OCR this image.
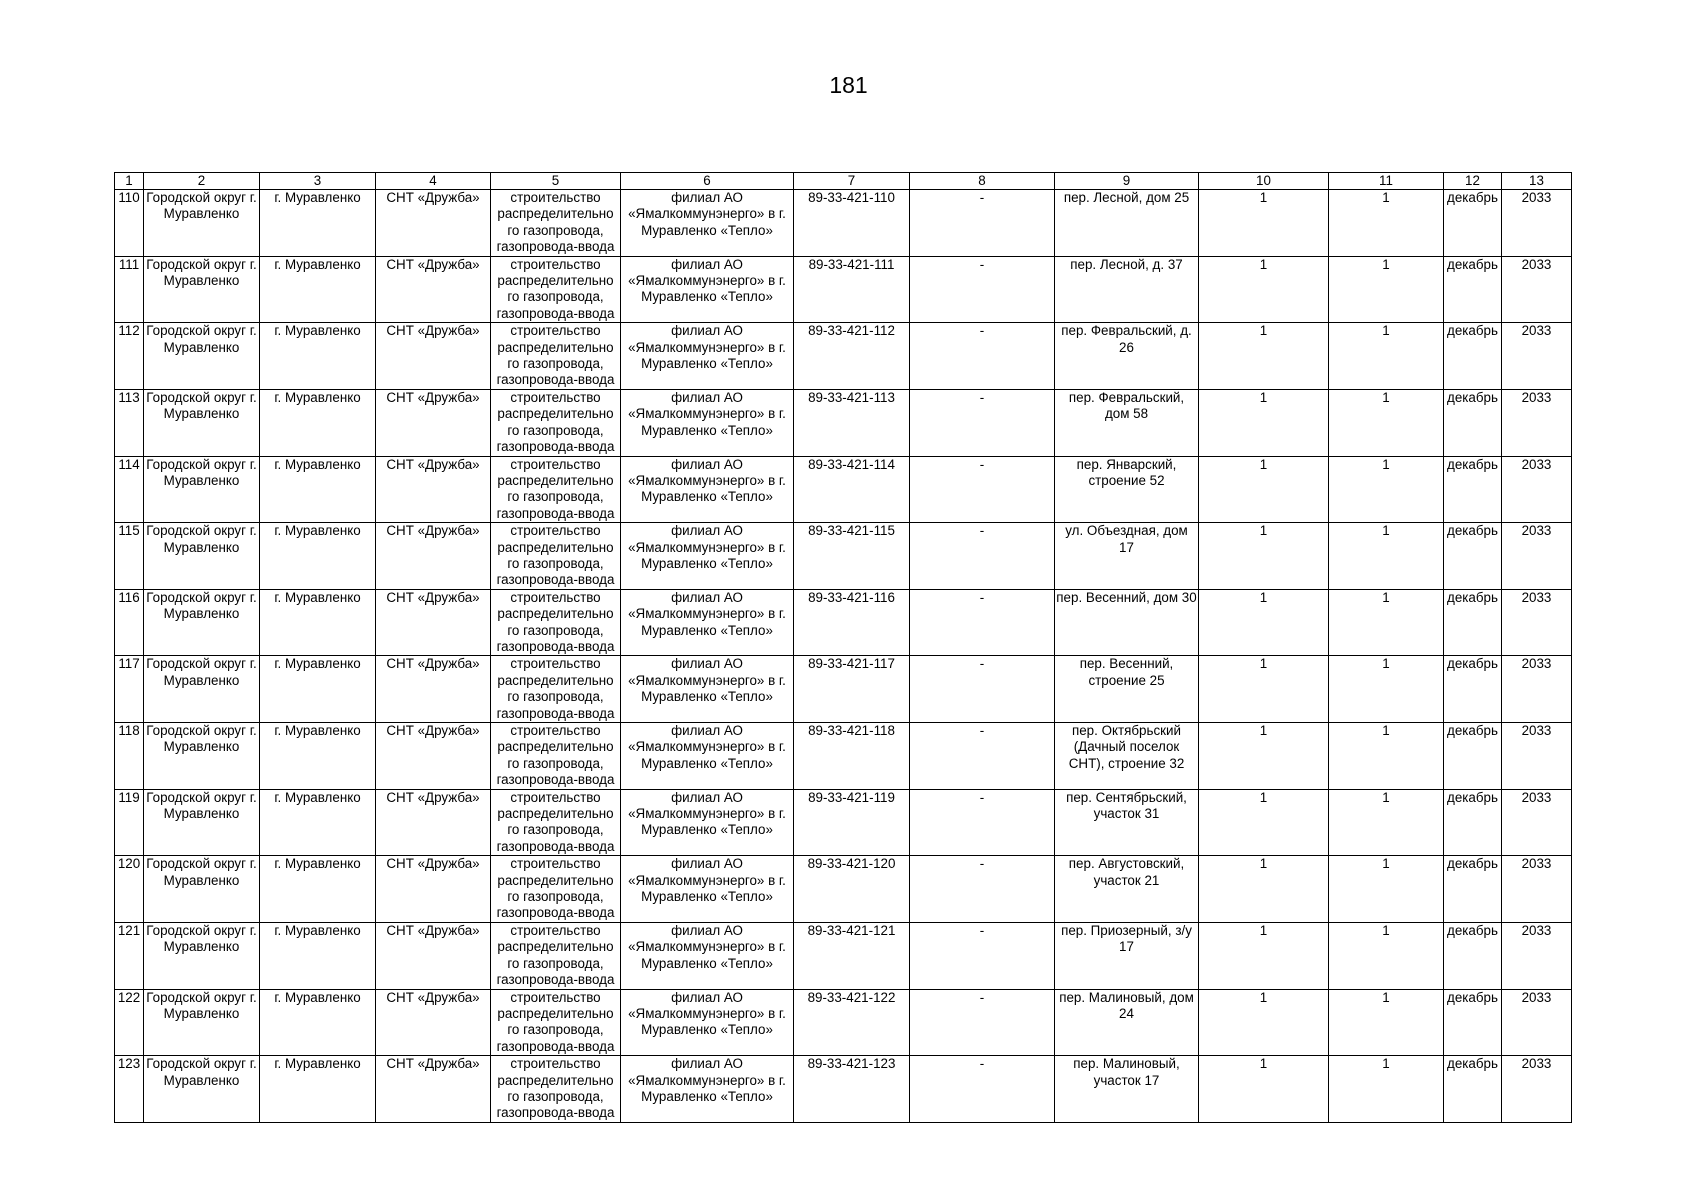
181
1	2	3	4	5	6	7	8	9	10	11	12	13
110	Городской округ г. Муравленко	г. Муравленко	СНТ «Дружба»	строительство распределительно го газопровода, газопровода-ввода	филиал АО «Ямалкоммунэнерго» в г. Муравленко «Тепло»	89-33-421-110	-	пер. Лесной, дом 25	1	1	декабрь	2033
111	Городской округ г. Муравленко	г. Муравленко	СНТ «Дружба»	строительство распределительно го газопровода, газопровода-ввода	филиал АО «Ямалкоммунэнерго» в г. Муравленко «Тепло»	89-33-421-111	-	пер. Лесной, д. 37	1	1	декабрь	2033
112	Городской округ г. Муравленко	г. Муравленко	СНТ «Дружба»	строительство распределительно го газопровода, газопровода-ввода	филиал АО «Ямалкоммунэнерго» в г. Муравленко «Тепло»	89-33-421-112	-	пер. Февральский, д. 26	1	1	декабрь	2033
113	Городской округ г. Муравленко	г. Муравленко	СНТ «Дружба»	строительство распределительно го газопровода, газопровода-ввода	филиал АО «Ямалкоммунэнерго» в г. Муравленко «Тепло»	89-33-421-113	-	пер. Февральский, дом 58	1	1	декабрь	2033
114	Городской округ г. Муравленко	г. Муравленко	СНТ «Дружба»	строительство распределительно го газопровода, газопровода-ввода	филиал АО «Ямалкоммунэнерго» в г. Муравленко «Тепло»	89-33-421-114	-	пер. Январский, строение 52	1	1	декабрь	2033
115	Городской округ г. Муравленко	г. Муравленко	СНТ «Дружба»	строительство распределительно го газопровода, газопровода-ввода	филиал АО «Ямалкоммунэнерго» в г. Муравленко «Тепло»	89-33-421-115	-	ул. Объездная, дом 17	1	1	декабрь	2033
116	Городской округ г. Муравленко	г. Муравленко	СНТ «Дружба»	строительство распределительно го газопровода, газопровода-ввода	филиал АО «Ямалкоммунэнерго» в г. Муравленко «Тепло»	89-33-421-116	-	пер. Весенний, дом 30	1	1	декабрь	2033
117	Городской округ г. Муравленко	г. Муравленко	СНТ «Дружба»	строительство распределительно го газопровода, газопровода-ввода	филиал АО «Ямалкоммунэнерго» в г. Муравленко «Тепло»	89-33-421-117	-	пер. Весенний, строение 25	1	1	декабрь	2033
118	Городской округ г. Муравленко	г. Муравленко	СНТ «Дружба»	строительство распределительно го газопровода, газопровода-ввода	филиал АО «Ямалкоммунэнерго» в г. Муравленко «Тепло»	89-33-421-118	-	пер. Октябрьский (Дачный поселок СНТ), строение 32	1	1	декабрь	2033
119	Городской округ г. Муравленко	г. Муравленко	СНТ «Дружба»	строительство распределительно го газопровода, газопровода-ввода	филиал АО «Ямалкоммунэнерго» в г. Муравленко «Тепло»	89-33-421-119	-	пер. Сентябрьский, участок 31	1	1	декабрь	2033
120	Городской округ г. Муравленко	г. Муравленко	СНТ «Дружба»	строительство распределительно го газопровода, газопровода-ввода	филиал АО «Ямалкоммунэнерго» в г. Муравленко «Тепло»	89-33-421-120	-	пер. Августовский, участок 21	1	1	декабрь	2033
121	Городской округ г. Муравленко	г. Муравленко	СНТ «Дружба»	строительство распределительно го газопровода, газопровода-ввода	филиал АО «Ямалкоммунэнерго» в г. Муравленко «Тепло»	89-33-421-121	-	пер. Приозерный, з/у 17	1	1	декабрь	2033
122	Городской округ г. Муравленко	г. Муравленко	СНТ «Дружба»	строительство распределительно го газопровода, газопровода-ввода	филиал АО «Ямалкоммунэнерго» в г. Муравленко «Тепло»	89-33-421-122	-	пер. Малиновый, дом 24	1	1	декабрь	2033
123	Городской округ г. Муравленко	г. Муравленко	СНТ «Дружба»	строительство распределительно го газопровода, газопровода-ввода	филиал АО «Ямалкоммунэнерго» в г. Муравленко «Тепло»	89-33-421-123	-	пер. Малиновый, участок 17	1	1	декабрь	2033
